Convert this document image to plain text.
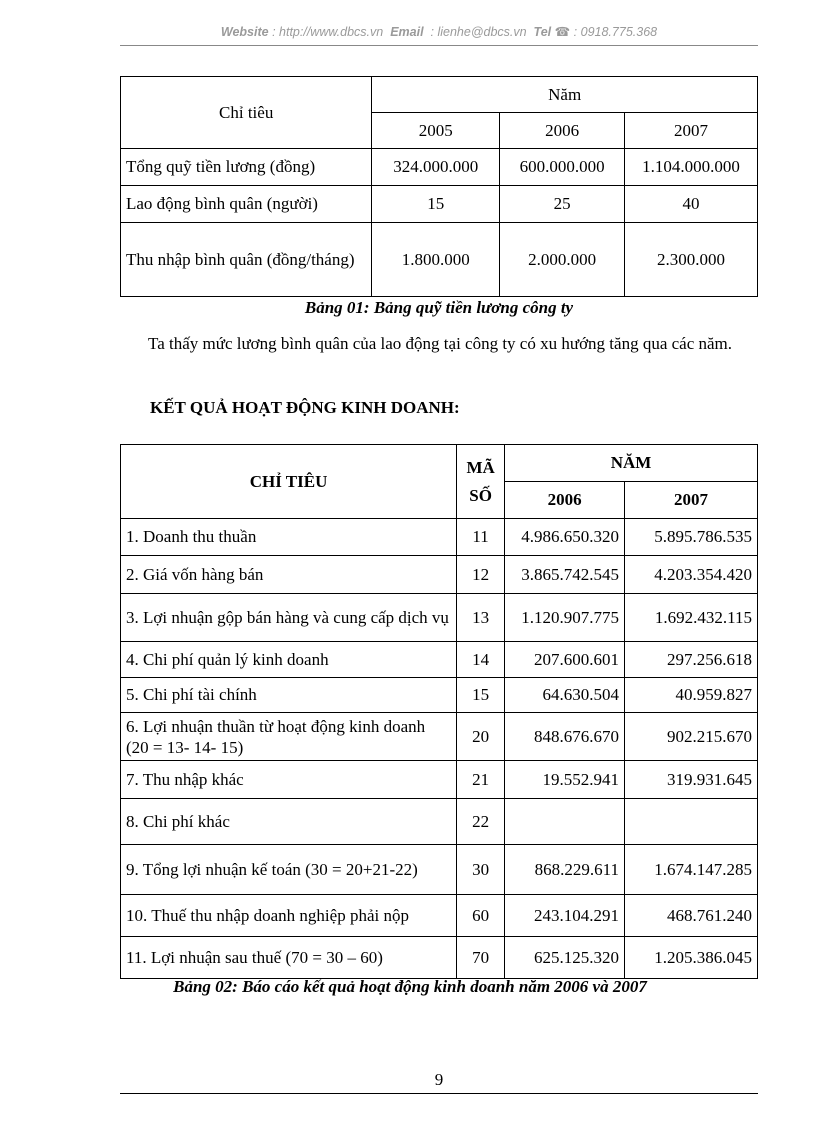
Website : http://www.dbcs.vn Email : lienhe@dbcs.vn Tel ☎ : 0918.775.368
Chỉ tiêu	Năm		
	2005	2006	2007
Tổng quỹ tiền lương (đồng)	324.000.000	600.000.000	1.104.000.000
Lao động bình quân (người)	15	25	40
Thu nhập bình quân (đồng/tháng)	1.800.000	2.000.000	2.300.000
Bảng 01: Bảng quỹ tiền lương công ty
Ta thấy mức lương bình quân của lao động tại công ty có xu hướng tăng qua các năm.
KẾT QUẢ HOẠT ĐỘNG KINH DOANH:
CHỈ TIÊU	MÃ SỐ	NĂM	
		2006	2007
1. Doanh thu thuần	11	4.986.650.320	5.895.786.535
2. Giá vốn hàng bán	12	3.865.742.545	4.203.354.420
3. Lợi nhuận gộp bán hàng và cung cấp dịch vụ	13	1.120.907.775	1.692.432.115
4. Chi phí quản lý kinh doanh	14	207.600.601	297.256.618
5. Chi phí tài chính	15	64.630.504	40.959.827
6. Lợi nhuận thuần từ hoạt động kinh doanh (20 = 13- 14- 15)	20	848.676.670	902.215.670
7. Thu nhập khác	21	19.552.941	319.931.645
8. Chi phí khác	22		
9. Tổng lợi nhuận kế toán (30 = 20+21-22)	30	868.229.611	1.674.147.285
10. Thuế thu nhập doanh nghiệp phải nộp	60	243.104.291	468.761.240
11. Lợi nhuận sau thuế (70 = 30 – 60)	70	625.125.320	1.205.386.045
Bảng 02: Báo cáo kết quả hoạt động kinh doanh năm 2006 và 2007
9
